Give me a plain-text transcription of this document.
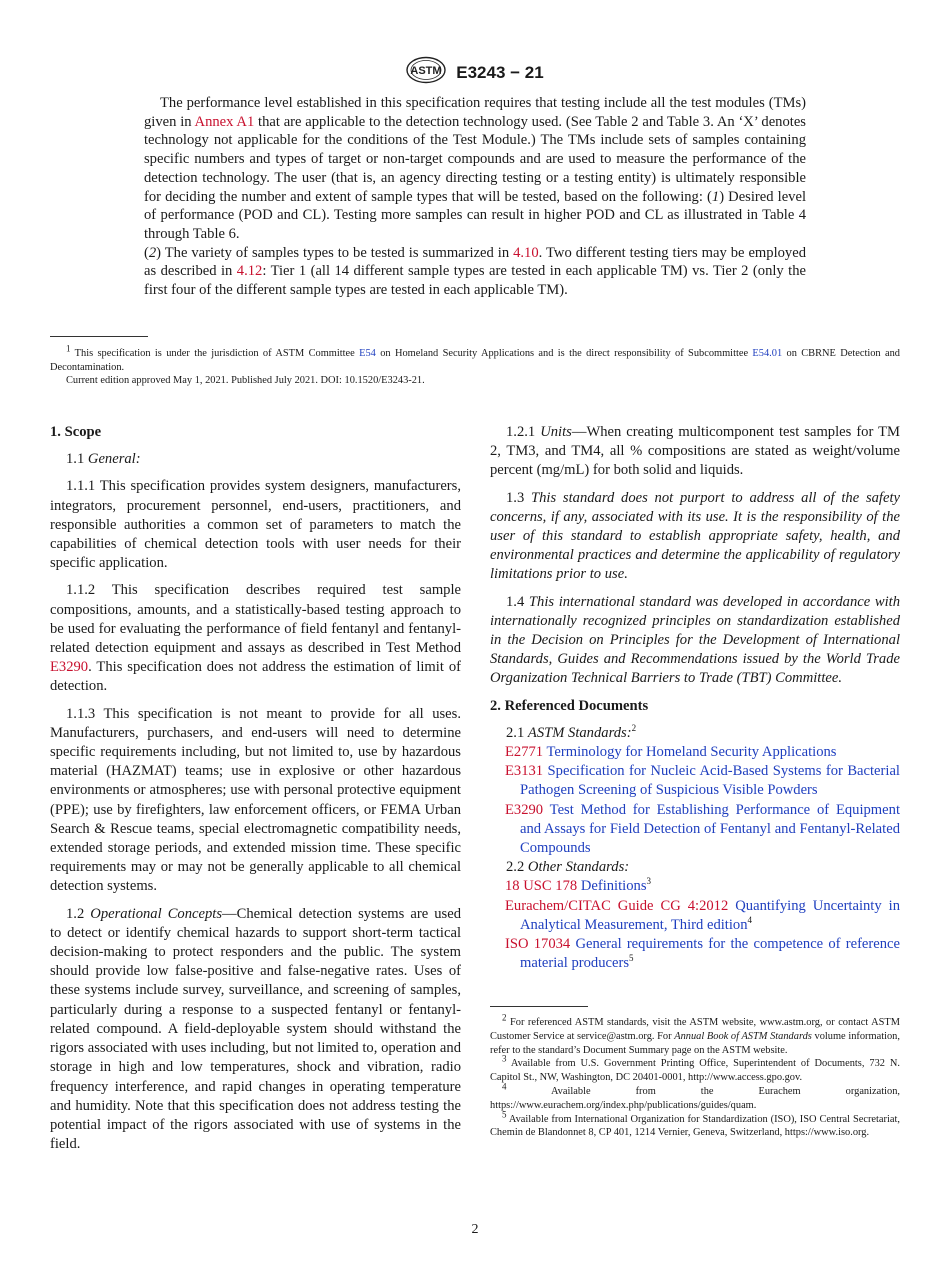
ASTM E3243 − 21

The performance level established in this specification requires that testing include all the test modules (TMs) given in Annex A1 that are applicable to the detection technology used. (See Table 2 and Table 3. An ‘X’ denotes technology not applicable for the conditions of the Test Module.) The TMs include sets of samples containing specific numbers and types of target or non-target compounds and are used to measure the performance of the detection technology. The user (that is, an agency directing testing or a testing entity) is ultimately responsible for deciding the number and extent of sample types that will be tested, based on the following: (1) Desired level of performance (POD and CL). Testing more samples can result in higher POD and CL as illustrated in Table 4 through Table 6.

(2) The variety of samples types to be tested is summarized in 4.10. Two different testing tiers may be employed as described in 4.12: Tier 1 (all 14 different sample types are tested in each applicable TM) vs. Tier 2 (only the first four of the different sample types are tested in each applicable TM).

$^1$ This specification is under the jurisdiction of ASTM Committee E54 on Homeland Security Applications and is the direct responsibility of Subcommittee E54.01 on CBRNE Detection and Decontamination.

Current edition approved May 1, 2021. Published July 2021. DOI: 10.1520/E3243-21.

1. Scope

1.1 General:

1.1.1 This specification provides system designers, manufacturers, integrators, procurement personnel, end-users, practitioners, and responsible authorities a common set of parameters to match the capabilities of chemical detection tools with user needs for their specific application.

1.1.2 This specification describes required test sample compositions, amounts, and a statistically-based testing approach to be used for evaluating the performance of field fentanyl and fentanyl-related detection equipment and assays as described in Test Method E3290. This specification does not address the estimation of limit of detection.

1.1.3 This specification is not meant to provide for all uses. Manufacturers, purchasers, and end-users will need to determine specific requirements including, but not limited to, use by hazardous material (HAZMAT) teams; use in explosive or other hazardous environments or atmospheres; use with personal protective equipment (PPE); use by firefighters, law enforcement officers, or FEMA Urban Search & Rescue teams, special electromagnetic compatibility needs, extended storage periods, and extended mission time. These specific requirements may or may not be generally applicable to all chemical detection systems.

1.2 Operational Concepts—Chemical detection systems are used to detect or identify chemical hazards to support short-term tactical decision-making to protect responders and the public. The system should provide low false-positive and false-negative rates. Uses of these systems include survey, surveillance, and screening of samples, particularly during a response to a suspected fentanyl or fentanyl-related compound. A field-deployable system should withstand the rigors associated with uses including, but not limited to, operation and storage in high and low temperatures, shock and vibration, radio frequency interference, and rapid changes in operating temperature and humidity. Note that this specification does not address testing the potential impact of the rigors associated with use of systems in the field.

1.2.1 Units—When creating multicomponent test samples for TM 2, TM3, and TM4, all % compositions are stated as weight/volume percent (mg/mL) for both solid and liquids.

1.3 This standard does not purport to address all of the safety concerns, if any, associated with its use. It is the responsibility of the user of this standard to establish appropriate safety, health, and environmental practices and determine the applicability of regulatory limitations prior to use.

1.4 This international standard was developed in accordance with internationally recognized principles on standardization established in the Decision on Principles for the Development of International Standards, Guides and Recommendations issued by the World Trade Organization Technical Barriers to Trade (TBT) Committee.

2. Referenced Documents

2.1 ASTM Standards:$^2$

E2771 Terminology for Homeland Security Applications

E3131 Specification for Nucleic Acid-Based Systems for Bacterial Pathogen Screening of Suspicious Visible Powders

E3290 Test Method for Establishing Performance of Equipment and Assays for Field Detection of Fentanyl and Fentanyl-Related Compounds

2.2 Other Standards:

18 USC 178 Definitions$^3$

Eurachem/CITAC Guide CG 4:2012 Quantifying Uncertainty in Analytical Measurement, Third edition$^4$

ISO 17034 General requirements for the competence of reference material producers$^5$

$^2$ For referenced ASTM standards, visit the ASTM website, www.astm.org, or contact ASTM Customer Service at service@astm.org. For Annual Book of ASTM Standards volume information, refer to the standard’s Document Summary page on the ASTM website.

$^3$ Available from U.S. Government Printing Office, Superintendent of Documents, 732 N. Capitol St., NW, Washington, DC 20401-0001, http://www.access.gpo.gov.

$^4$ Available from the Eurachem organization, https://www.eurachem.org/index.php/publications/guides/quam.

$^5$ Available from International Organization for Standardization (ISO), ISO Central Secretariat, Chemin de Blandonnet 8, CP 401, 1214 Vernier, Geneva, Switzerland, https://www.iso.org.

2
